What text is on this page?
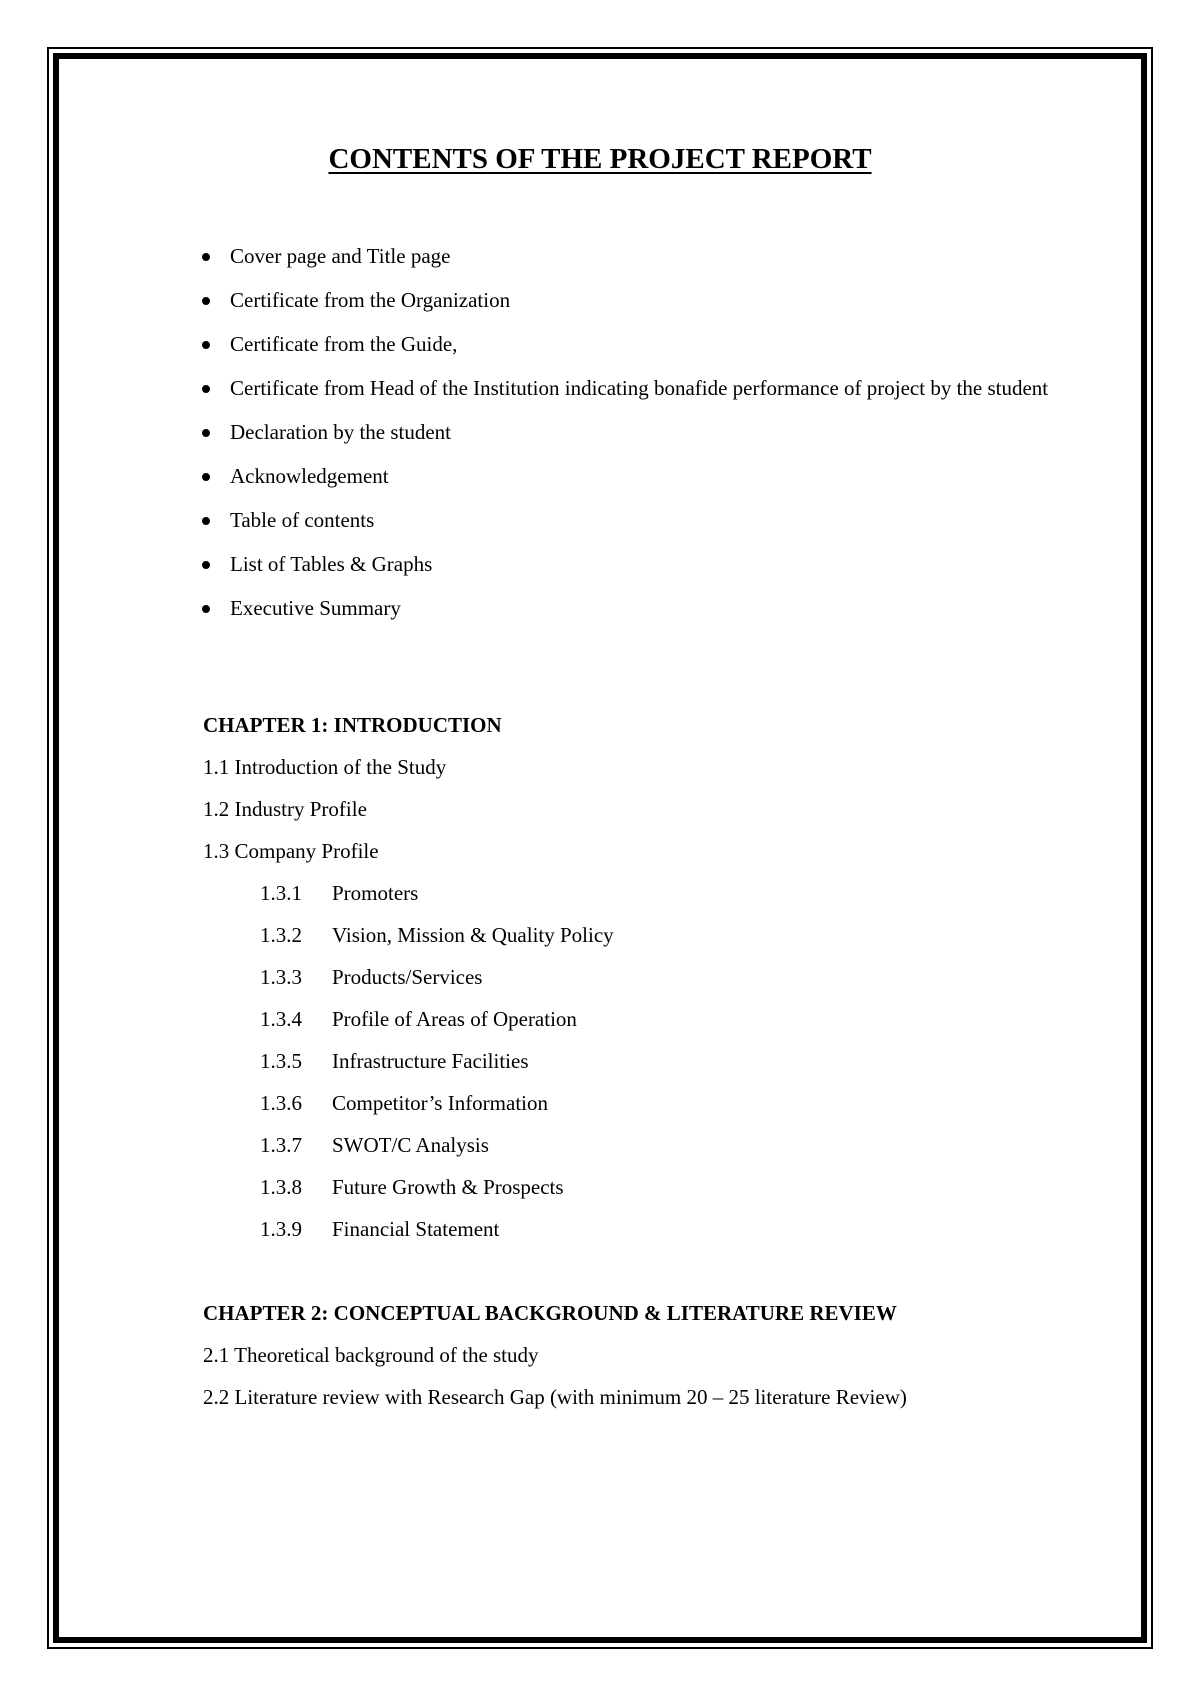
CONTENTS OF THE PROJECT REPORT
Cover page and Title page
Certificate from the Organization
Certificate from the Guide,
Certificate from Head of the Institution indicating bonafide performance of project by the student
Declaration by the student
Acknowledgement
Table of contents
List of Tables & Graphs
Executive Summary

CHAPTER 1: INTRODUCTION

1.1 Introduction of the Study

1.2 Industry Profile

1.3 Company Profile

1.3.1	Promoters
1.3.2	Vision, Mission & Quality Policy
1.3.3	Products/Services
1.3.4	Profile of Areas of Operation
1.3.5	Infrastructure Facilities
1.3.6	Competitor’s Information
1.3.7	SWOT/C Analysis
1.3.8	Future Growth & Prospects
1.3.9	Financial Statement

CHAPTER 2: CONCEPTUAL BACKGROUND & LITERATURE REVIEW

2.1 Theoretical background of the study

2.2 Literature review with Research Gap (with minimum 20 – 25 literature Review)
